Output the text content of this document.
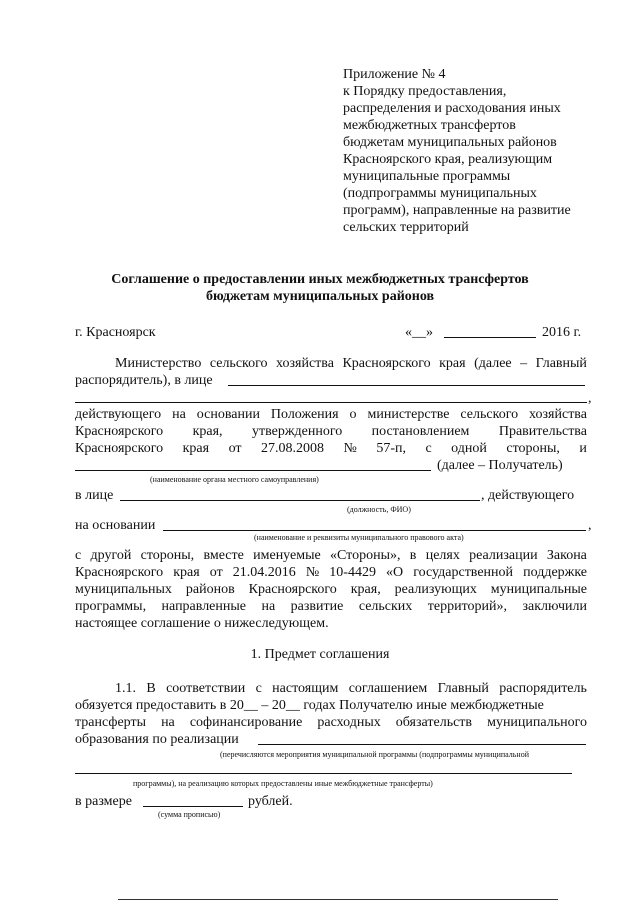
Приложение № 4
к Порядку предоставления,
распределения и расходования иных
межбюджетных трансфертов
бюджетам муниципальных районов
Красноярского края, реализующим
муниципальные программы
(подпрограммы муниципальных
программ), направленные на развитие
сельских территорий
Соглашение о предоставлении иных межбюджетных трансфертов
бюджетам муниципальных районов
г. Красноярск	«__»	2016 г.
Министерство сельского хозяйства Красноярского края (далее – Главный
распорядитель), в лице
,
действующего на основании Положения о министерстве сельского хозяйства
Красноярского края, утвержденного постановлением Правительства
Красноярского края от 27.08.2008 № 57-п, с одной стороны, и
(далее – Получатель)
(наименование органа местного самоуправления)
в лице	, действующего
(должность, ФИО)
на основании	,
(наименование и реквизиты муниципального правового акта)
с другой стороны, вместе именуемые «Стороны», в целях реализации Закона
Красноярского края от 21.04.2016 № 10-4429 «О государственной поддержке
муниципальных районов Красноярского края, реализующих муниципальные
программы, направленные на развитие сельских территорий», заключили
настоящее соглашение о нижеследующем.
1. Предмет соглашения
1.1. В соответствии с настоящим соглашением Главный распорядитель
обязуется предоставить в 20__ – 20__ годах Получателю иные межбюджетные
трансферты на софинансирование расходных обязательств муниципального
образования по реализации
(перечисляются мероприятия муниципальной программы (подпрограммы муниципальной
программы), на реализацию которых предоставлены иные межбюджетные трансферты)
в размере	рублей.
(сумма прописью)
